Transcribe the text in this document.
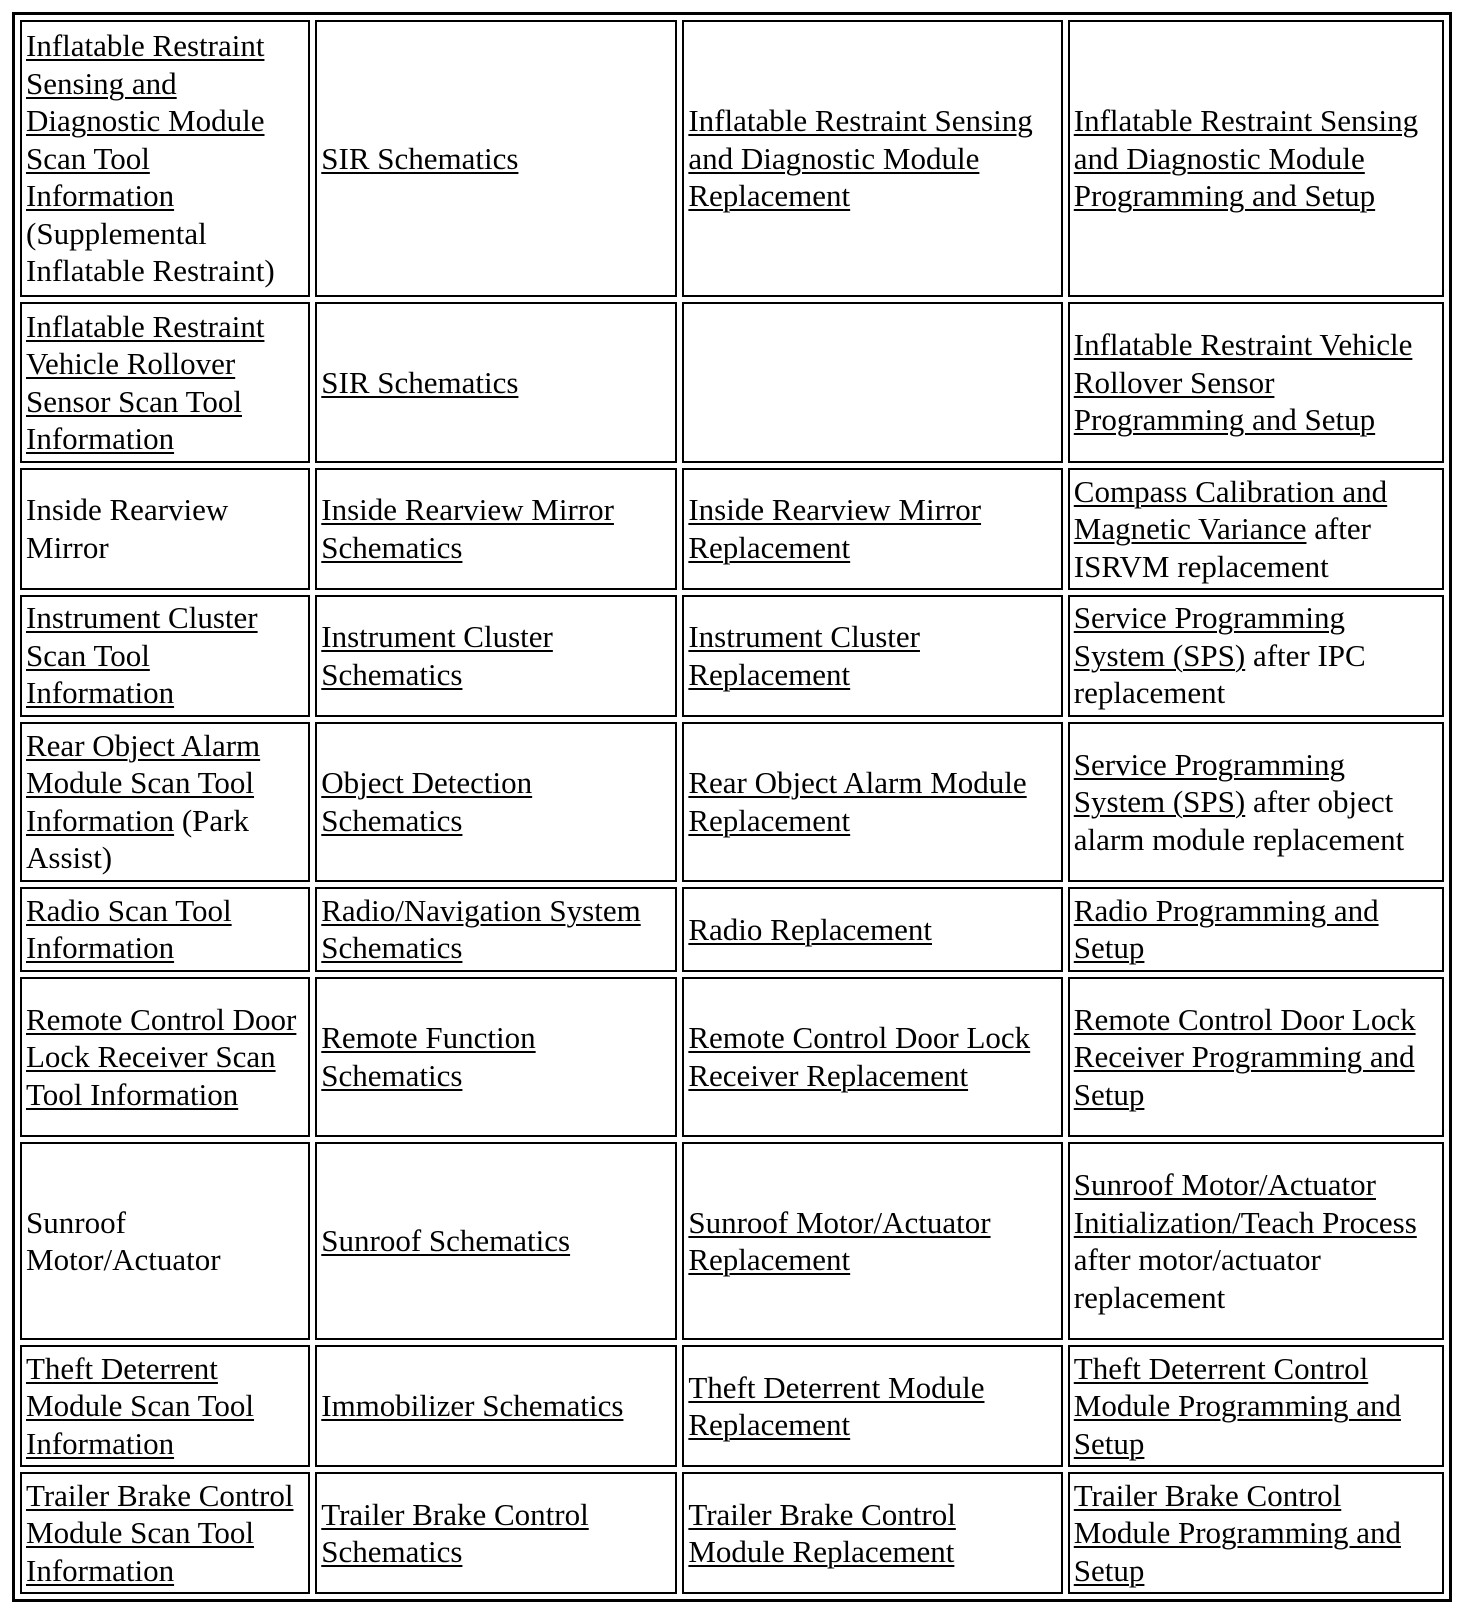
Inflatable Restraint Sensing and Diagnostic Module Scan Tool Information (Supplemental Inflatable Restraint)	SIR Schematics	Inflatable Restraint Sensing and Diagnostic Module Replacement	Inflatable Restraint Sensing and Diagnostic Module Programming and Setup
Inflatable Restraint Vehicle Rollover Sensor Scan Tool Information	SIR Schematics		Inflatable Restraint Vehicle Rollover Sensor Programming and Setup
Inside Rearview Mirror	Inside Rearview Mirror Schematics	Inside Rearview Mirror Replacement	Compass Calibration and Magnetic Variance after ISRVM replacement
Instrument Cluster Scan Tool Information	Instrument Cluster Schematics	Instrument Cluster Replacement	Service Programming System (SPS) after IPC replacement
Rear Object Alarm Module Scan Tool Information (Park Assist)	Object Detection Schematics	Rear Object Alarm Module Replacement	Service Programming System (SPS) after object alarm module replacement
Radio Scan Tool Information	Radio/Navigation System Schematics	Radio Replacement	Radio Programming and Setup
Remote Control Door Lock Receiver Scan Tool Information	Remote Function Schematics	Remote Control Door Lock Receiver Replacement	Remote Control Door Lock Receiver Programming and Setup
Sunroof Motor/Actuator	Sunroof Schematics	Sunroof Motor/Actuator Replacement	Sunroof Motor/Actuator Initialization/Teach Process after motor/actuator replacement
Theft Deterrent Module Scan Tool Information	Immobilizer Schematics	Theft Deterrent Module Replacement	Theft Deterrent Control Module Programming and Setup
Trailer Brake Control Module Scan Tool Information	Trailer Brake Control Schematics	Trailer Brake Control Module Replacement	Trailer Brake Control Module Programming and Setup
